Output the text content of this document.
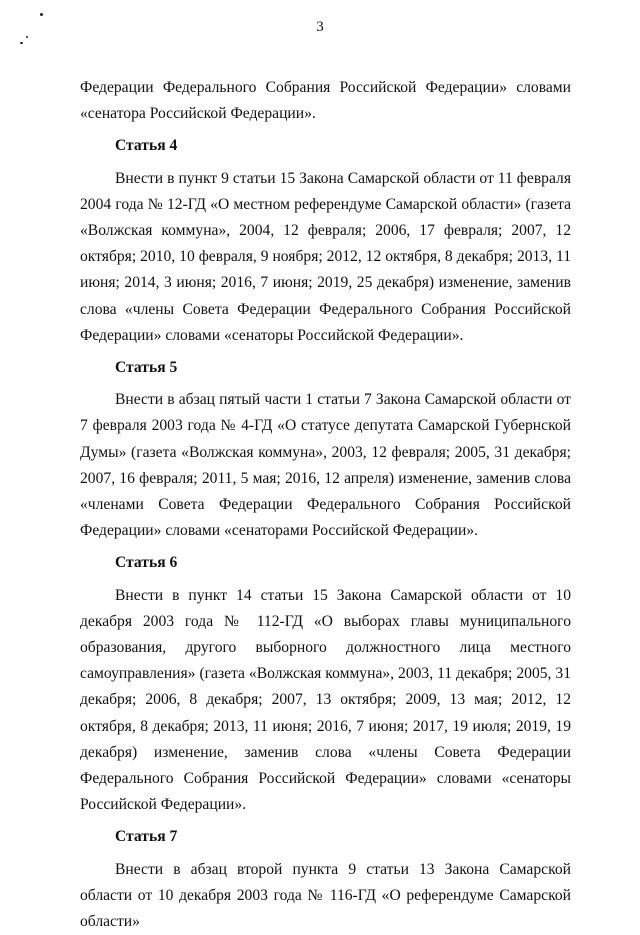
3

Федерации Федерального Собрания Российской Федерации» словами «сенатора Российской Федерации».

Статья 4

Внести в пункт 9 статьи 15 Закона Самарской области от 11 февраля 2004 года № 12-ГД «О местном референдуме Самарской области» (газета «Волжская коммуна», 2004, 12 февраля; 2006, 17 февраля; 2007, 12 октября; 2010, 10 февраля, 9 ноября; 2012, 12 октября, 8 декабря; 2013, 11 июня; 2014, 3 июня; 2016, 7 июня; 2019, 25 декабря) изменение, заменив слова «члены Совета Федерации Федерального Собрания Российской Федерации» словами «сенаторы Российской Федерации».

Статья 5

Внести в абзац пятый части 1 статьи 7 Закона Самарской области от 7 февраля 2003 года № 4-ГД «О статусе депутата Самарской Губернской Думы» (газета «Волжская коммуна», 2003, 12 февраля; 2005, 31 декабря; 2007, 16 февраля; 2011, 5 мая; 2016, 12 апреля) изменение, заменив слова «членами Совета Федерации Федерального Собрания Российской Федерации» словами «сенаторами Российской Федерации».

Статья 6

Внести в пункт 14 статьи 15 Закона Самарской области от 10 декабря 2003 года № 112-ГД «О выборах главы муниципального образования, другого выборного должностного лица местного самоуправления» (газета «Волжская коммуна», 2003, 11 декабря; 2005, 31 декабря; 2006, 8 декабря; 2007, 13 октября; 2009, 13 мая; 2012, 12 октября, 8 декабря; 2013, 11 июня; 2016, 7 июня; 2017, 19 июля; 2019, 19 декабря) изменение, заменив слова «члены Совета Федерации Федерального Собрания Российской Федерации» словами «сенаторы Российской Федерации».

Статья 7

Внести в абзац второй пункта 9 статьи 13 Закона Самарской области от 10 декабря 2003 года № 116-ГД «О референдуме Самарской области»
